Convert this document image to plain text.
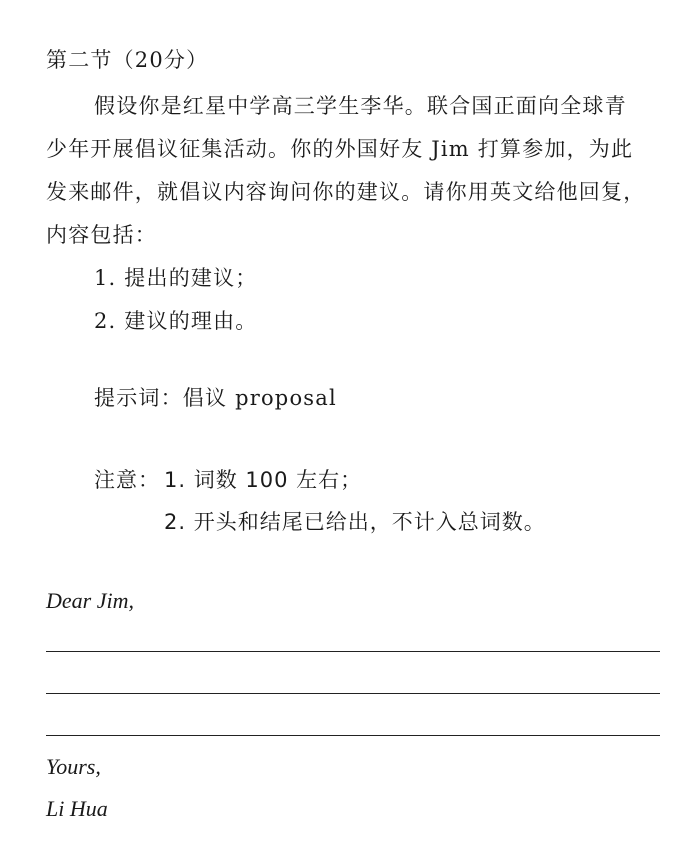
第二节（20分）
假设你是红星中学高三学生李华。联合国正面向全球青
少年开展倡议征集活动。你的外国好友 Jim 打算参加，为此
发来邮件，就倡议内容询问你的建议。请你用英文给他回复，
内容包括：
1. 提出的建议；
2. 建议的理由。
提示词：倡议 proposal
注意： 1. 词数 100 左右；
2. 开头和结尾已给出，不计入总词数。
Dear Jim,
Yours,
Li Hua
